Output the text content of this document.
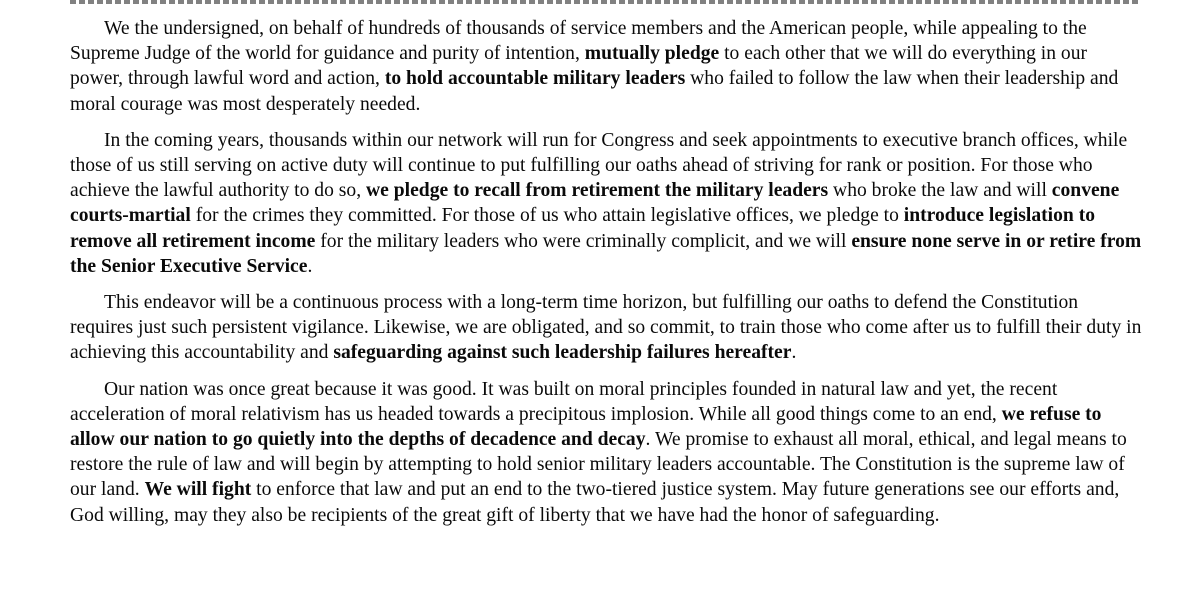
We the undersigned, on behalf of hundreds of thousands of service members and the American people, while appealing to the Supreme Judge of the world for guidance and purity of intention, mutually pledge to each other that we will do everything in our power, through lawful word and action, to hold accountable military leaders who failed to follow the law when their leadership and moral courage was most desperately needed.

In the coming years, thousands within our network will run for Congress and seek appointments to executive branch offices, while those of us still serving on active duty will continue to put fulfilling our oaths ahead of striving for rank or position. For those who achieve the lawful authority to do so, we pledge to recall from retirement the military leaders who broke the law and will convene courts-martial for the crimes they committed. For those of us who attain legislative offices, we pledge to introduce legislation to remove all retirement income for the military leaders who were criminally complicit, and we will ensure none serve in or retire from the Senior Executive Service.

This endeavor will be a continuous process with a long-term time horizon, but fulfilling our oaths to defend the Constitution requires just such persistent vigilance. Likewise, we are obligated, and so commit, to train those who come after us to fulfill their duty in achieving this accountability and safeguarding against such leadership failures hereafter.

Our nation was once great because it was good. It was built on moral principles founded in natural law and yet, the recent acceleration of moral relativism has us headed towards a precipitous implosion. While all good things come to an end, we refuse to allow our nation to go quietly into the depths of decadence and decay. We promise to exhaust all moral, ethical, and legal means to restore the rule of law and will begin by attempting to hold senior military leaders accountable. The Constitution is the supreme law of our land. We will fight to enforce that law and put an end to the two-tiered justice system. May future generations see our efforts and, God willing, may they also be recipients of the great gift of liberty that we have had the honor of safeguarding.
